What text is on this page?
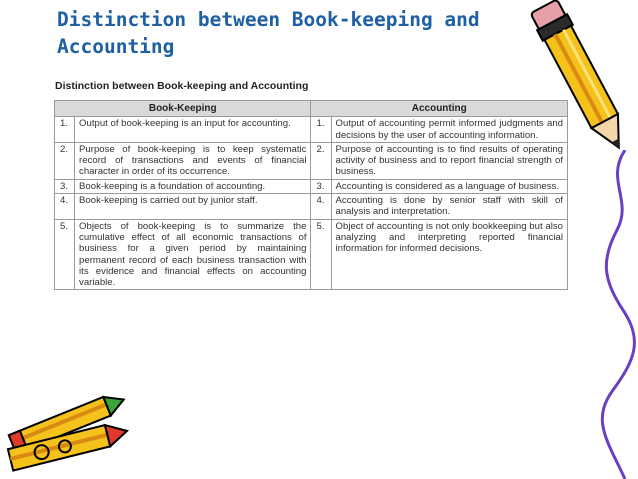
Distinction between Book-keeping and Accounting
Distinction between Book-keeping and Accounting
Book-Keeping		Accounting	
1.	Output of book-keeping is an input for accounting.	1.	Output of accounting permit informed judgments and decisions by the user of accounting information.
2.	Purpose of book-keeping is to keep systematic record of transactions and events of financial character in order of its occurrence.	2.	Purpose of accounting is to find results of operating activity of business and to report financial strength of business.
3.	Book-keeping is a foundation of accounting.	3.	Accounting is considered as a language of business.
4.	Book-keeping is carried out by junior staff.	4.	Accounting is done by senior staff with skill of analysis and interpretation.
5.	Objects of book-keeping is to summarize the cumulative effect of all economic transactions of business for a given period by maintaining permanent record of each business transaction with its evidence and financial effects on accounting variable.	5.	Object of accounting is not only bookkeeping but also analyzing and interpreting reported financial information for informed decisions.
